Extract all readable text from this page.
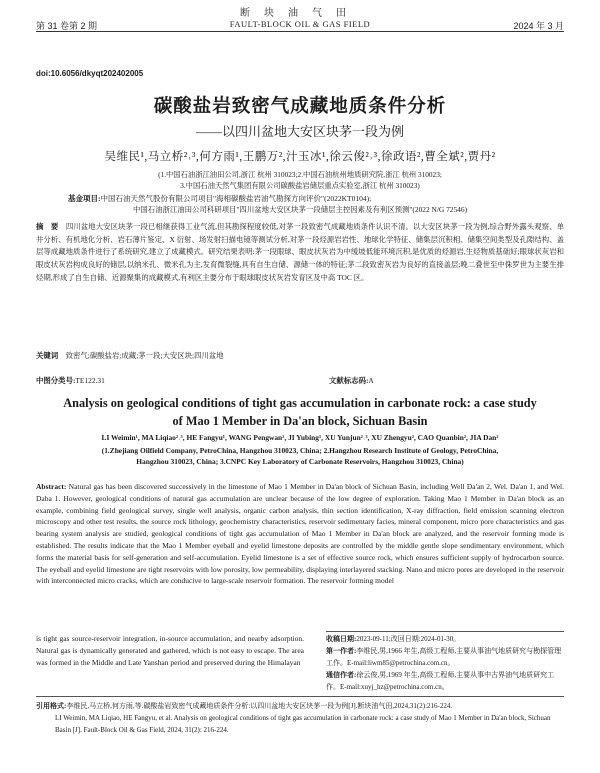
断块油气田
第 31 卷第 2 期	FAULT-BLOCK OIL & GAS FIELD	2024 年 3 月
doi:10.6056/dkyqt202402005
碳酸盐岩致密气成藏地质条件分析
——以四川盆地大安区块茅一段为例
吴维民¹,马立桥²˒³,何方雨¹,王鹏万²,汁玉冰¹,徐云俊²˒³,徐政语²,曹全斌²,贾丹²
(1.中国石油浙江油田公司,浙江 杭州 310023;2.中国石油杭州地质研究院,浙江 杭州 310023;
3.中国石油天然气集团有限公司碳酸盐岩储层重点实验室,浙江 杭州 310023)
基金项目:中国石油天然气股份有限公司项目"海相碳酸盐岩油气勘探方向评价"(2022KT0104);
中国石油浙江油田公司科研项目"四川盆地大安区块茅一段储层主控因素及有利区预测"(2022 N/G 72546)
摘　要　 四川盆地大安区块茅一段已相继获得工业气流,但其勘探程度较低,对茅一段致密气成藏地质条件认识不清。以大安区块茅一段为例,综合野外露头观察、单井分析、有机地化分析、岩石薄片鉴定、X 衍射、场发射扫描电镜等测试分析,对茅一段烃源岩岩性、地球化学特征、储集层沉积相、储集空间类型及孔隙结构、盖层等成藏地质条件进行了系统研究,建立了成藏模式。研究结果表明:茅一段眼球、眼皮状灰岩为中缓坡低能环境沉积,是优质的烃源岩,生烃物质基础好;眼球状灰岩和眼皮状灰岩构成良好的储层,以纳米孔、微米孔为主,发育微裂缝,具有自生自储、源储一体的特征;茅二段致密灰岩为良好的直接盖层;晚二叠世至中侏罗世为主要生排烃期,形成了自生自储、近源聚集的成藏模式,有利区主要分布于眼球眼皮状灰岩发育区及中高 TOC 区。
关键词　 致密气;碳酸盐岩;成藏;茅一段;大安区块;四川盆地
中图分类号:TE122.31	文献标志码:A
Analysis on geological conditions of tight gas accumulation in carbonate rock: a case study
of Mao 1 Member in Da'an block, Sichuan Basin
LI Weimin¹, MA Liqiao²˒³, HE Fangyu¹, WANG Pengwan², JI Yubing¹, XU Yunjun²˒³, XU Zhengyu², CAO Quanbin², JIA Dan²
(1.Zhejiang Oilfield Company, PetroChina, Hangzhou 310023, China; 2.Hangzhou Research Institute of Geology, PetroChina,
Hangzhou 310023, China; 3.CNPC Key Laboratory of Carbonate Reservoirs, Hangzhou 310023, China)
Abstract: Natural gas has been discovered successively in the limestone of Mao 1 Member in Da'an block of Sichuan Basin, including Well Da'an 2, Wel. Da'an 1, and Wel. Daba 1. However, geological conditions of natural gas accumulation are unclear because of the low degree of exploration. Taking Mao 1 Member in Da'an block as an example, combining field geological survey, single well analysis, organic carbon analysis, thin section identification, X-ray diffraction, field emission scanning electron microscopy and other test results, the source rock lithology, geochemistry characteristics, reservoir sedimentary facies, mineral component, micro pore characteristics and gas bearing system analysis are studied, geological conditions of tight gas accumulation of Mao 1 Member in Da'an block are analyzed, and the reservoir forming mode is established. The results indicate that the Mao 1 Member eyeball and eyelid limestone deposits are controlled by the middle gentle slope sendimentary environment, which forms the material basis for self-generation and self-accumulation. Eyelid limestone is a set of effective source rock, which ensures sufficient supply of hydrocarbon source. The eyeball and eyelid limestone are tight reservoirs with low porosity, low permeability, displaying interlayered stacking. Nano and micro pores are developed in the reservoir with interconnected micro cracks, which are conducive to large-scale reservoir formation. The reservoir forming model
is tight gas source-reservoir integration, in-source accumulation, and nearby adsorption. Natural gas is dynamically generated and gathered, which is not easy to escape. The area was formed in the Middle and Late Yanshan period and preserved during the Himalayan
收稿日期:2023-09-11;改回日期:2024-01-30。
第一作者:李维民,男,1966 年生,高级工程师,主要从事油气地质研究与勘探管理工作。E-mail:liwm85@petrochina.com.cn。
引用格式:李维民,马立桥,何方雨,等.碳酸盐岩致密气成藏地质条件分析:以四川盆地大安区块茅一段为例[J].断块油气田,2024,31(2):216-224.
LI Weimin, MA Liqiao, HE Fangyu, et al. Analysis on geological conditions of tight gas accumulation in carbonate rock: a case study of Mao 1 Member in Da'an block, Sichuan Basin [J]. Fault-Block Oil & Gas Field, 2024, 31(2): 216-224.
通信作者:徐云俊,男,1969 年生,高级工程师,主要从事中古界油气地质研究工作。E-mail:xuyj_hz@petrochina.com.cn。
